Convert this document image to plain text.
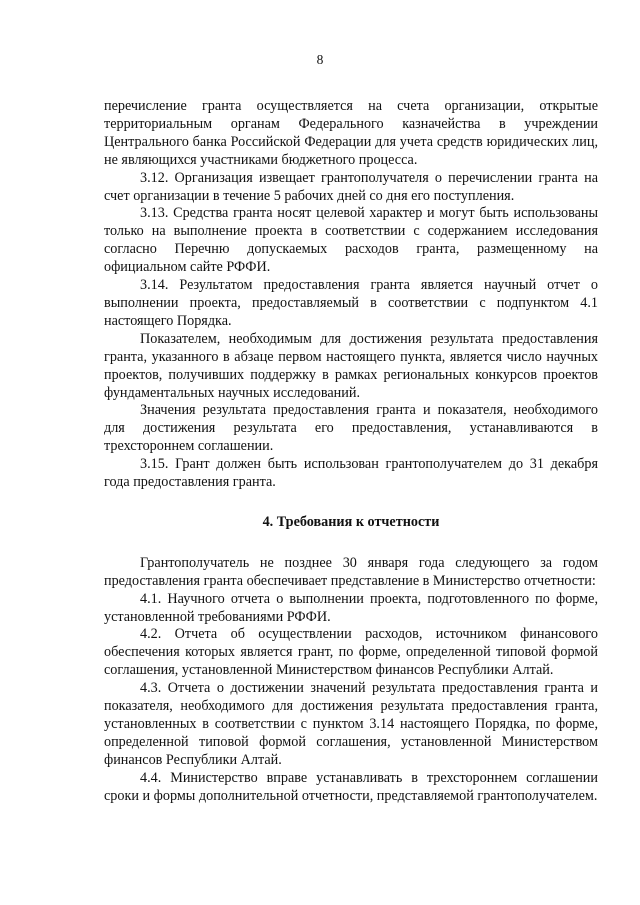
8

перечисление гранта осуществляется на счета организации, открытые территориальным органам Федерального казначейства в учреждении Центрального банка Российской Федерации для учета средств юридических лиц, не являющихся участниками бюджетного процесса.

3.12. Организация извещает грантополучателя о перечислении гранта на счет организации в течение 5 рабочих дней со дня его поступления.

3.13. Средства гранта носят целевой характер и могут быть использованы только на выполнение проекта в соответствии с содержанием исследования согласно Перечню допускаемых расходов гранта, размещенному на официальном сайте РФФИ.

3.14. Результатом предоставления гранта является научный отчет о выполнении проекта, предоставляемый в соответствии с подпунктом 4.1 настоящего Порядка.

Показателем, необходимым для достижения результата предоставления гранта, указанного в абзаце первом настоящего пункта, является число научных проектов, получивших поддержку в рамках региональных конкурсов проектов фундаментальных научных исследований.

Значения результата предоставления гранта и показателя, необходимого для достижения результата его предоставления, устанавливаются в трехстороннем соглашении.

3.15. Грант должен быть использован грантополучателем до 31 декабря года предоставления гранта.

4. Требования к отчетности

Грантополучатель не позднее 30 января года следующего за годом предоставления гранта обеспечивает представление в Министерство отчетности:

4.1. Научного отчета о выполнении проекта, подготовленного по форме, установленной требованиями РФФИ.

4.2. Отчета об осуществлении расходов, источником финансового обеспечения которых является грант, по форме, определенной типовой формой соглашения, установленной Министерством финансов Республики Алтай.

4.3. Отчета о достижении значений результата предоставления гранта и показателя, необходимого для достижения результата предоставления гранта, установленных в соответствии с пунктом 3.14 настоящего Порядка, по форме, определенной типовой формой соглашения, установленной Министерством финансов Республики Алтай.

4.4. Министерство вправе устанавливать в трехстороннем соглашении сроки и формы дополнительной отчетности, представляемой грантополучателем.
